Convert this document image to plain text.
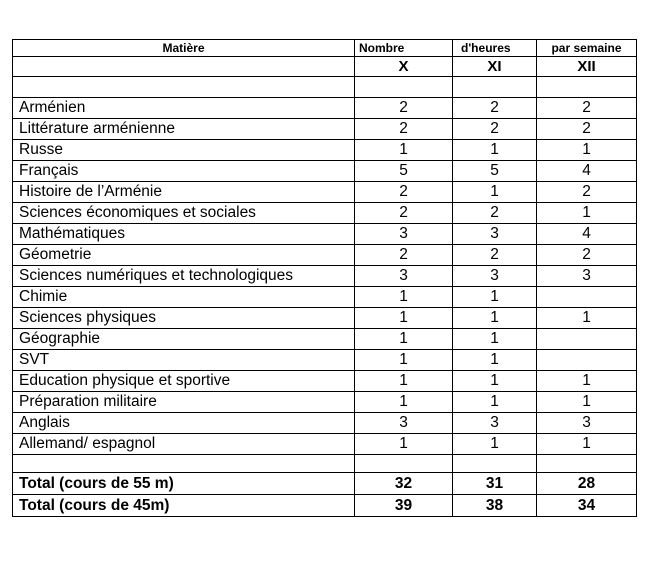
Matière	Nombre	d'heures	par semaine
	X	XI	XII

Arménien	2	2	2
Littérature arménienne	2	2	2
Russe	1	1	1
Français	5	5	4
Histoire de l’Arménie	2	1	2
Sciences économiques et sociales	2	2	1
Mathématiques	3	3	4
Géometrie	2	2	2
Sciences numériques et technologiques	3	3	3
Chimie	1	1	
Sciences physiques	1	1	1
Géographie	1	1	
SVT	1	1	
Education physique et sportive	1	1	1
Préparation militaire	1	1	1
Anglais	3	3	3
Allemand/ espagnol	1	1	1

Total (cours de 55 m)	32	31	28
Total (cours de 45m)	39	38	34
